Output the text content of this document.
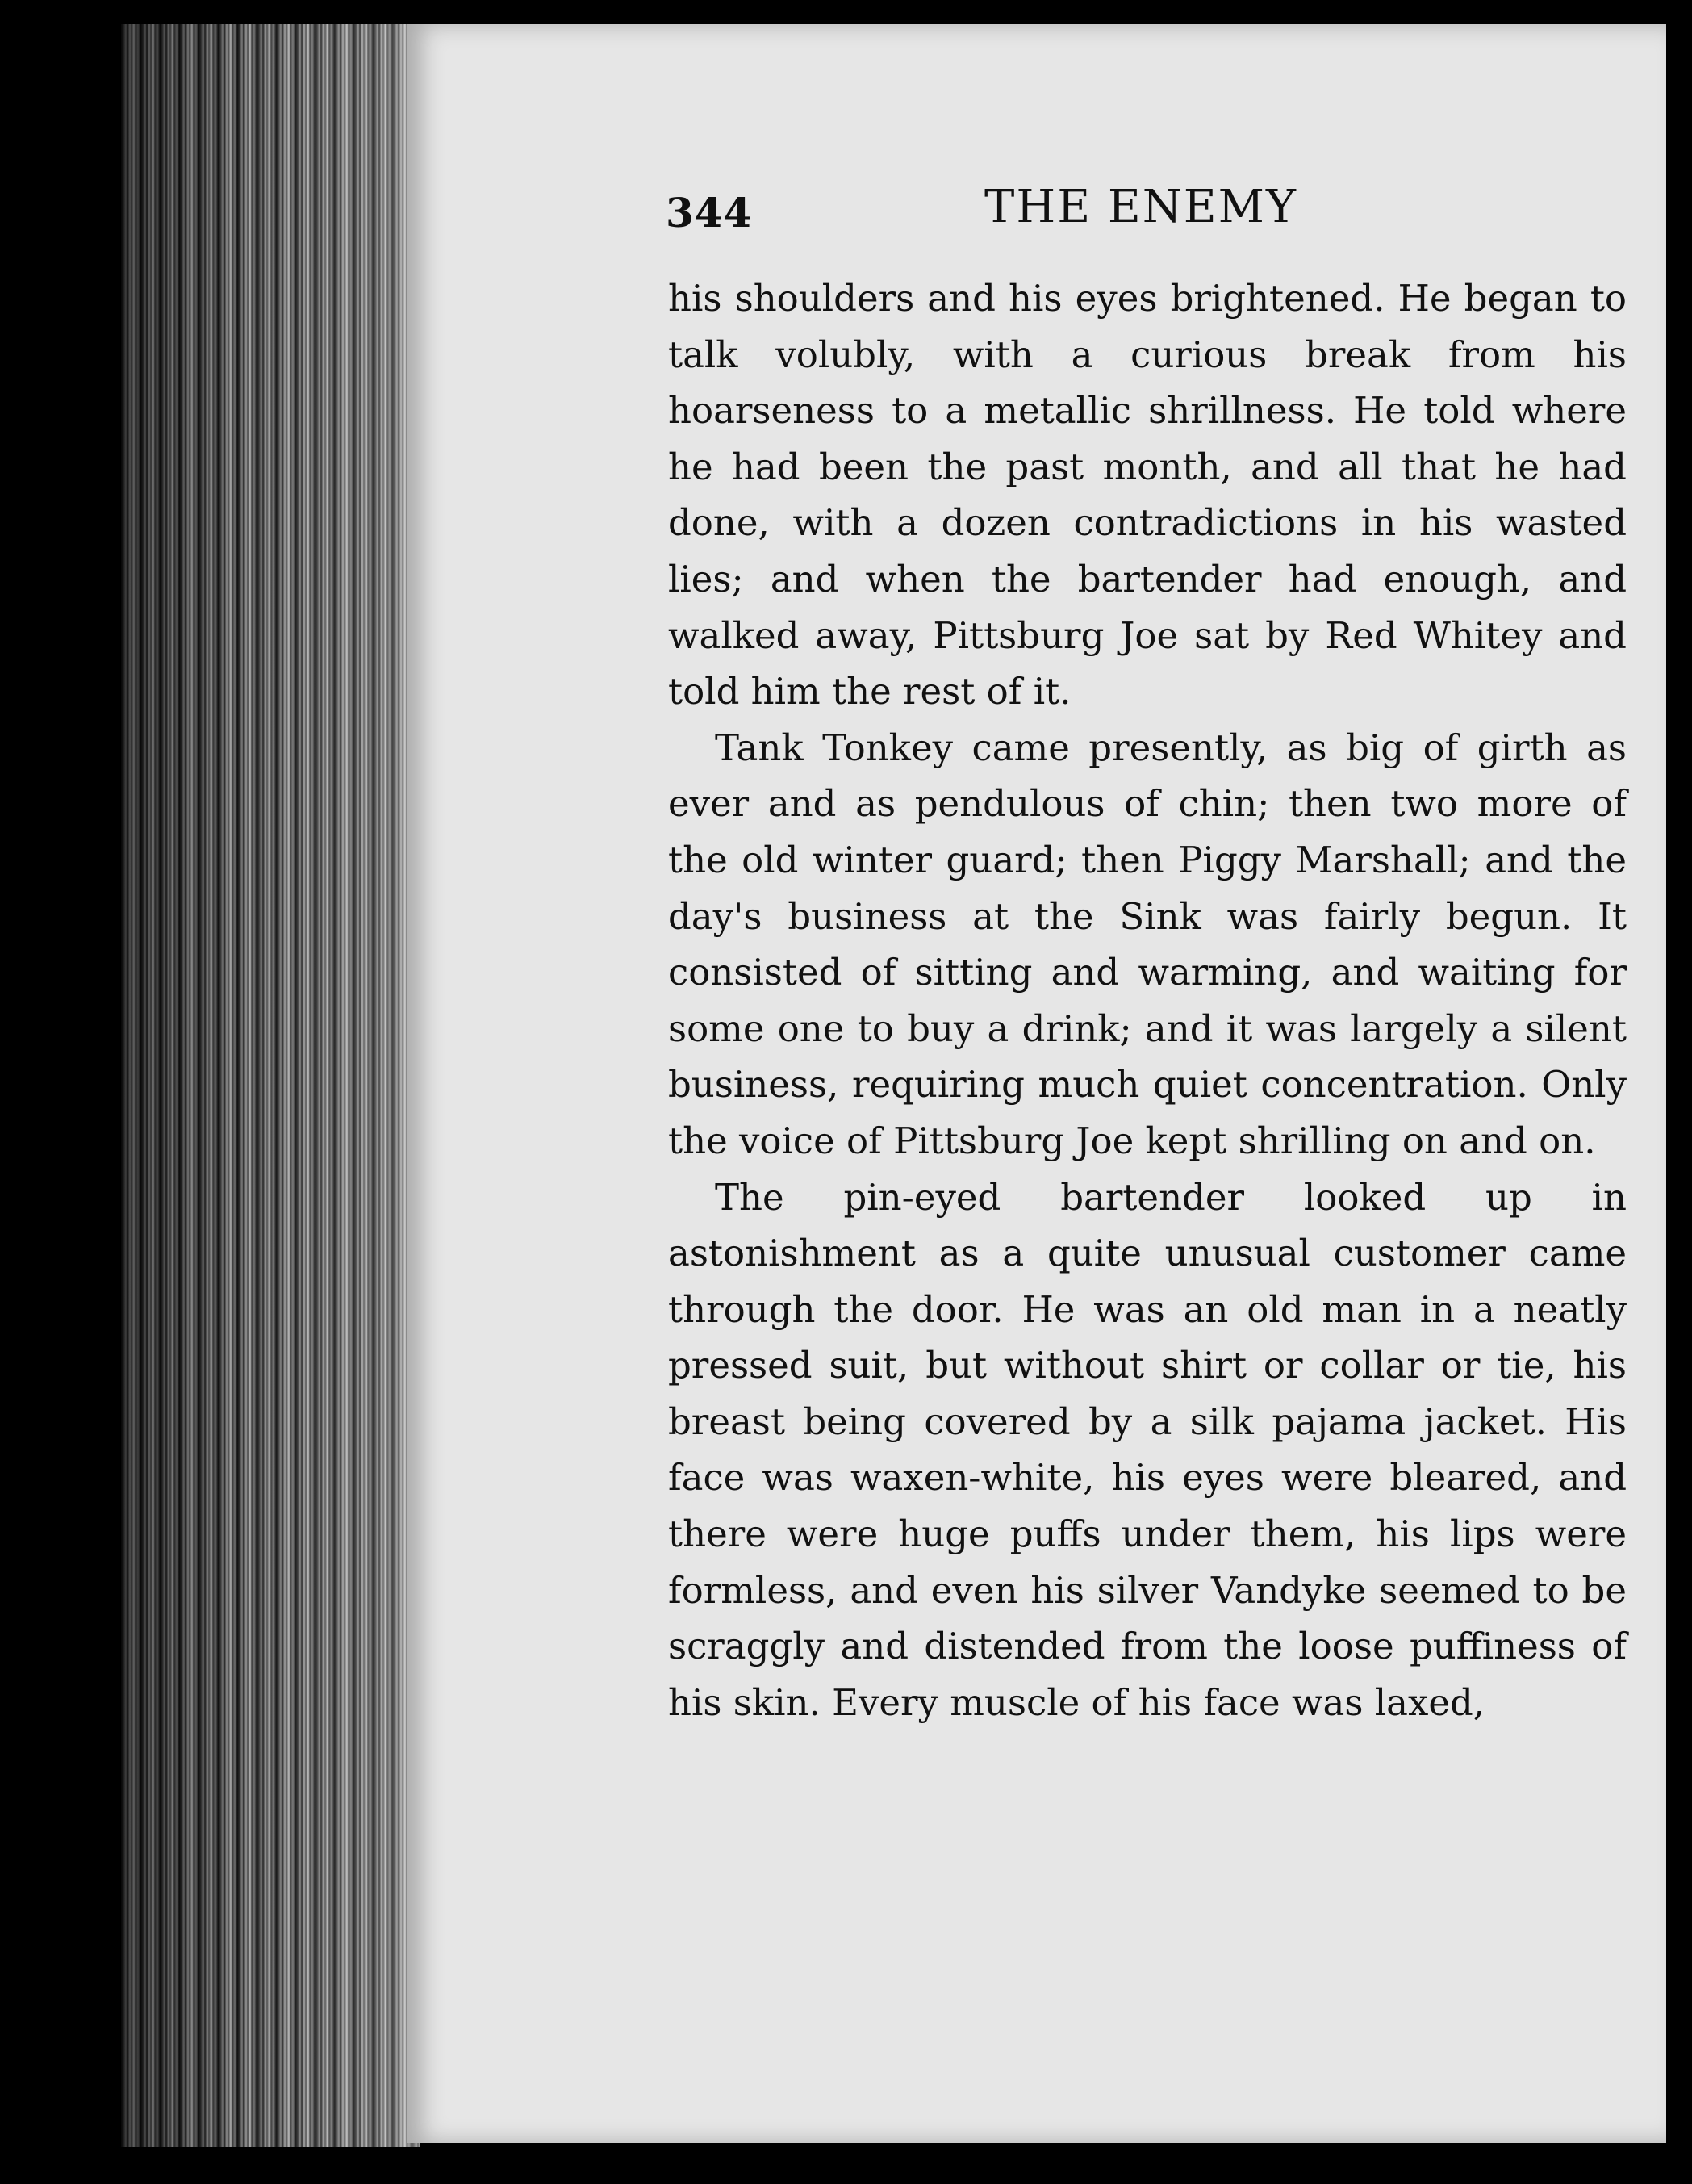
344	THE ENEMY

his shoulders and his eyes brightened. He began to talk volubly, with a curious break from his hoarseness to a metallic shrillness. He told where he had been the past month, and all that he had done, with a dozen contradictions in his wasted lies; and when the bartender had enough, and walked away, Pittsburg Joe sat by Red Whitey and told him the rest of it.

Tank Tonkey came presently, as big of girth as ever and as pendulous of chin; then two more of the old winter guard; then Piggy Marshall; and the day's business at the Sink was fairly begun. It consisted of sitting and warming, and waiting for some one to buy a drink; and it was largely a silent business, requiring much quiet concentration. Only the voice of Pittsburg Joe kept shrilling on and on.

The pin-eyed bartender looked up in astonishment as a quite unusual customer came through the door. He was an old man in a neatly pressed suit, but without shirt or collar or tie, his breast being covered by a silk pajama jacket. His face was waxen-white, his eyes were bleared, and there were huge puffs under them, his lips were formless, and even his silver Vandyke seemed to be scraggly and distended from the loose puffiness of his skin. Every muscle of his face was laxed,
